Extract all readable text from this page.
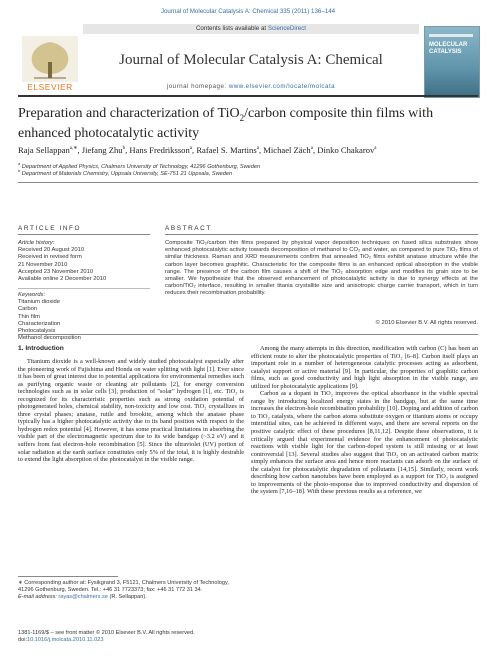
Journal of Molecular Catalysis A: Chemical 335 (2011) 136–144
Contents lists available at ScienceDirect
ELSEVIER
Journal of Molecular Catalysis A: Chemical
journal homepage: www.elsevier.com/locate/molcata
MOLECULAR CATALYSIS
Preparation and characterization of TiO$_2$/carbon composite thin films with enhanced photocatalytic activity
Raja Sellappan$^{a,∗}$, Jiefang Zhu$^b$, Hans Fredriksson$^a$, Rafael S. Martins$^a$, Michael Zäch$^a$, Dinko Chakarov$^a$
$^a$ Department of Applied Physics, Chalmers University of Technology, 41296 Gothenburg, Sweden
$^b$ Department of Materials Chemistry, Uppsala University, SE-751 21 Uppsala, Sweden
ARTICLE INFO	ABSTRACT
Article history:
Received 20 August 2010
Received in revised form
21 November 2010
Accepted 23 November 2010
Available online 2 December 2010
Keywords:
Titanium dioxide
Carbon
Thin film
Characterization
Photocatalysis
Methanol decomposition
Composite TiO₂/carbon thin films prepared by physical vapor deposition techniques on fused silica substrates show enhanced photocatalytic activity towards decomposition of methanol to CO₂ and water, as compared to pure TiO₂ films of similar thickness. Raman and XRD measurements confirm that annealed TiO₂ films exhibit anatase structure while the carbon layer becomes graphitic. Characteristic for the composite films is an enhanced optical absorption in the visible range. The presence of the carbon film causes a shift of the TiO₂ absorption edge and modifies its grain size to be smaller. We hypothesize that the observed enhancement of photocatalytic activity is due to synergy effects at the carbon/TiO₂ interface, resulting in smaller titania crystallite size and anisotropic charge carrier transport, which in turn reduces their recombination probability.
© 2010 Elsevier B.V. All rights reserved.
1. Introduction

Titanium dioxide is a well-known and widely studied photocatalyst especially after the pioneering work of Fujishima and Honda on water splitting with light [1]. Ever since it has been of great interest due to potential applications for environmental remedies such as purifying organic waste or cleaning air pollutants [2], for energy conversion technologies such as in solar cells [3], production of "solar" hydrogen [1], etc. TiO₂ is recognized for its characteristic properties such as strong oxidation potential of photogenerated holes, chemical stability, non-toxicity and low cost. TiO₂ crystallizes in three crystal phases; anatase, rutile and brookite, among which the anatase phase typically has a higher photocatalytic activity due to its band position with respect to the hydrogen redox potential [4]. However, it has some practical limitations in absorbing the visible part of the electromagnetic spectrum due to its wide bandgap (~3.2 eV) and it suffers from fast electron-hole recombination [5]. Since the ultraviolet (UV) portion of solar radiation at the earth surface constitutes only 5% of the total, it is highly desirable to extend the light absorption of the photocatalyst in the visible range.

Among the many attempts in this direction, modification with carbon (C) has been an efficient route to alter the photocatalytic properties of TiO₂ [6–8]. Carbon itself plays an important role in a number of heterogeneous catalytic processes acting as adsorbent, catalyst support or active material [9]. In particular, the properties of graphitic carbon films, such as good conductivity and high light absorption in the visible range, are utilized for photocatalytic applications [9].

Carbon as a dopant in TiO₂ improves the optical absorbance in the visible spectral range by introducing localized energy states in the bandgap, but at the same time increases the electron-hole recombination probability [10]. Doping and addition of carbon to TiO₂ catalysts, where the carbon atoms substitute oxygen or titanium atoms or occupy interstitial sites, can be achieved in different ways, and there are several reports on the positive catalytic effect of these procedures [8,11,12]. Despite these observations, it is critically argued that experimental evidence for the enhancement of photocatalytic reactions with visible light for the carbon-doped system is still missing or at least controversial [13]. Several studies also suggest that TiO₂ on an activated carbon matrix simply enhances the surface area and hence more reactants can adsorb on the surface of the catalyst for photocatalytic degradation of pollutants [14,15]. Similarly, recent work describing how carbon nanotubes have been employed as a support for TiO₂ is assigned to improvements of the photo-response due to improved conductivity and dispersion of the system [7,16–18]. With these previous results as a reference, we

∗ Corresponding author at: Fysikgrand 3, F5121, Chalmers University of Technology, 41296 Gothenburg, Sweden. Tel.: +46 31 7723373; fax: +46 31 772 31 34.
E-mail address: rayas@chalmers.se (R. Sellappan).
1381-1169/$ – see front matter © 2010 Elsevier B.V. All rights reserved.
doi:10.1016/j.molcata.2010.11.023
